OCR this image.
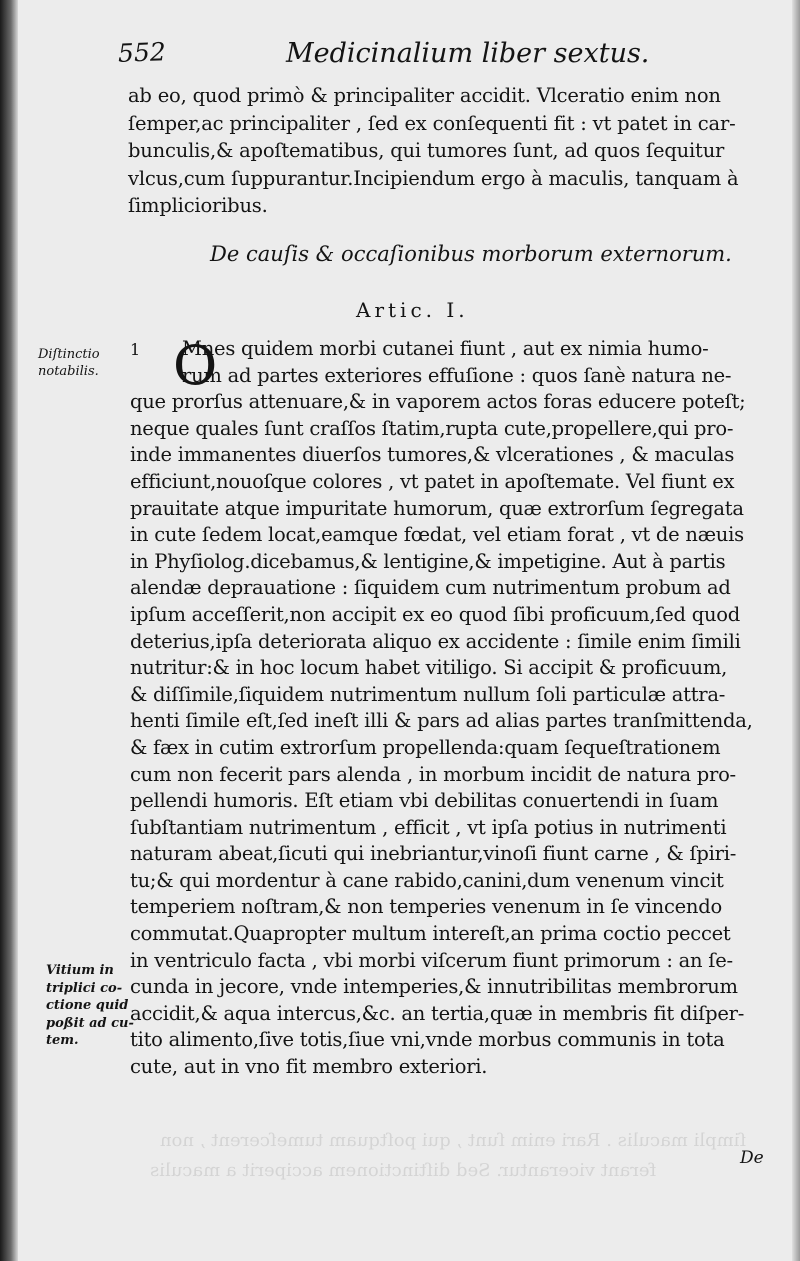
ſimpli maculis . Rari enim ſunt , qui poſtquam tumeſcerent , non
ferant vicerantur. Sed diſtinctionem acciperit a maculis
552	Medicinalium liber sextus.
ab eo, quod primò & principaliter accidit. Vlceratio enim non
ſemper,ac principaliter , ſed ex conſequenti fit : vt patet in car-
bunculis,& apoſtematibus, qui tumores ſunt, ad quos ſequitur
vlcus,cum ſuppurantur.Incipiendum ergo à maculis, tanquam à
ſimplicioribus.
De cauſis & occaſionibus morborum externorum.
Artic. I.
Diſtinctio
notabilis.
Vitium in
triplici co-
ctione quid
poßit ad cu-
tem.
1 O
Mnes quidem morbi cutanei fiunt , aut ex nimia humo-
rum ad partes exteriores effuſione : quos ſanè natura ne-
que prorſus attenuare,& in vaporem actos foras educere poteſt;
neque quales ſunt craſſos ſtatim,rupta cute,propellere,qui pro-
inde immanentes diuerſos tumores,& vlcerationes , & maculas
efficiunt,nouoſque colores , vt patet in apoſtemate. Vel fiunt ex
prauitate atque impuritate humorum, quæ extrorſum ſegregata
in cute ſedem locat,eamque fœdat, vel etiam forat , vt de næuis
in Phyſiolog.dicebamus,& lentigine,& impetigine. Aut à partis
alendæ deprauatione : ſiquidem cum nutrimentum probum ad
ipſum acceſſerit,non accipit ex eo quod ſibi proficuum,ſed quod
deterius,ipſa deteriorata aliquo ex accidente : ſimile enim ſimili
nutritur:& in hoc locum habet vitiligo. Si accipit & proficuum,
& diſſimile,ſiquidem nutrimentum nullum ſoli particulæ attra-
henti ſimile eſt,ſed ineſt illi & pars ad alias partes tranſmittenda,
& fæx in cutim extrorſum propellenda:quam ſequeſtrationem
cum non fecerit pars alenda , in morbum incidit de natura pro-
pellendi humoris. Eſt etiam vbi debilitas conuertendi in ſuam
ſubſtantiam nutrimentum , efficit , vt ipſa potius in nutrimenti
naturam abeat,ſicuti qui inebriantur,vinoſi fiunt carne , & ſpiri-
tu;& qui mordentur à cane rabido,canini,dum venenum vincit
temperiem noſtram,& non temperies venenum in ſe vincendo
commutat.Quapropter multum intereſt,an prima coctio peccet
in ventriculo facta , vbi morbi viſcerum fiunt primorum : an ſe-
cunda in jecore, vnde intemperies,& innutribilitas membrorum
accidit,& aqua intercus,&c. an tertia,quæ in membris fit diſper-
tito alimento,ſive totis,ſiue vni,vnde morbus communis in tota
cute, aut in vno fit membro exteriori.
De
